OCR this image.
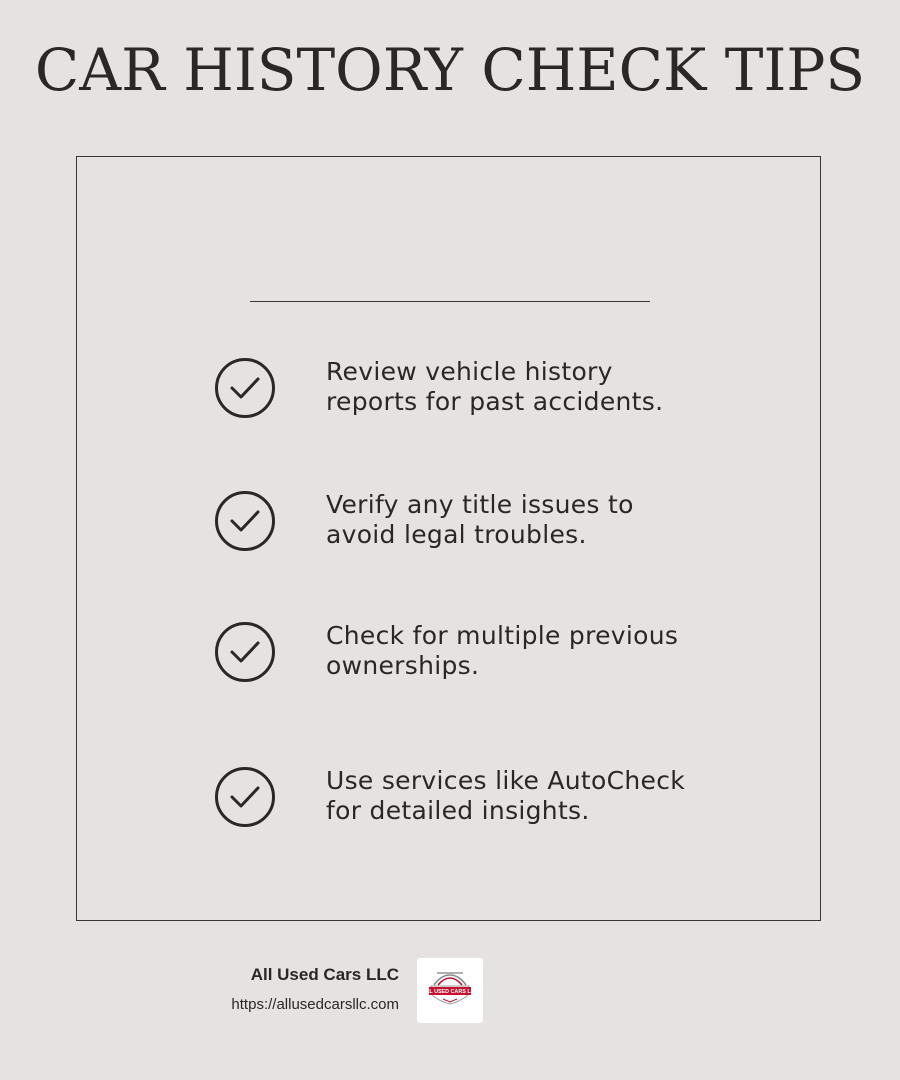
CAR HISTORY CHECK TIPS

Review vehicle history
reports for past accidents.

Verify any title issues to
avoid legal troubles.

Check for multiple previous
ownerships.

Use services like AutoCheck
for detailed insights.

All Used Cars LLC
https://allusedcarsllc.com
ALL USED CARS LLC
